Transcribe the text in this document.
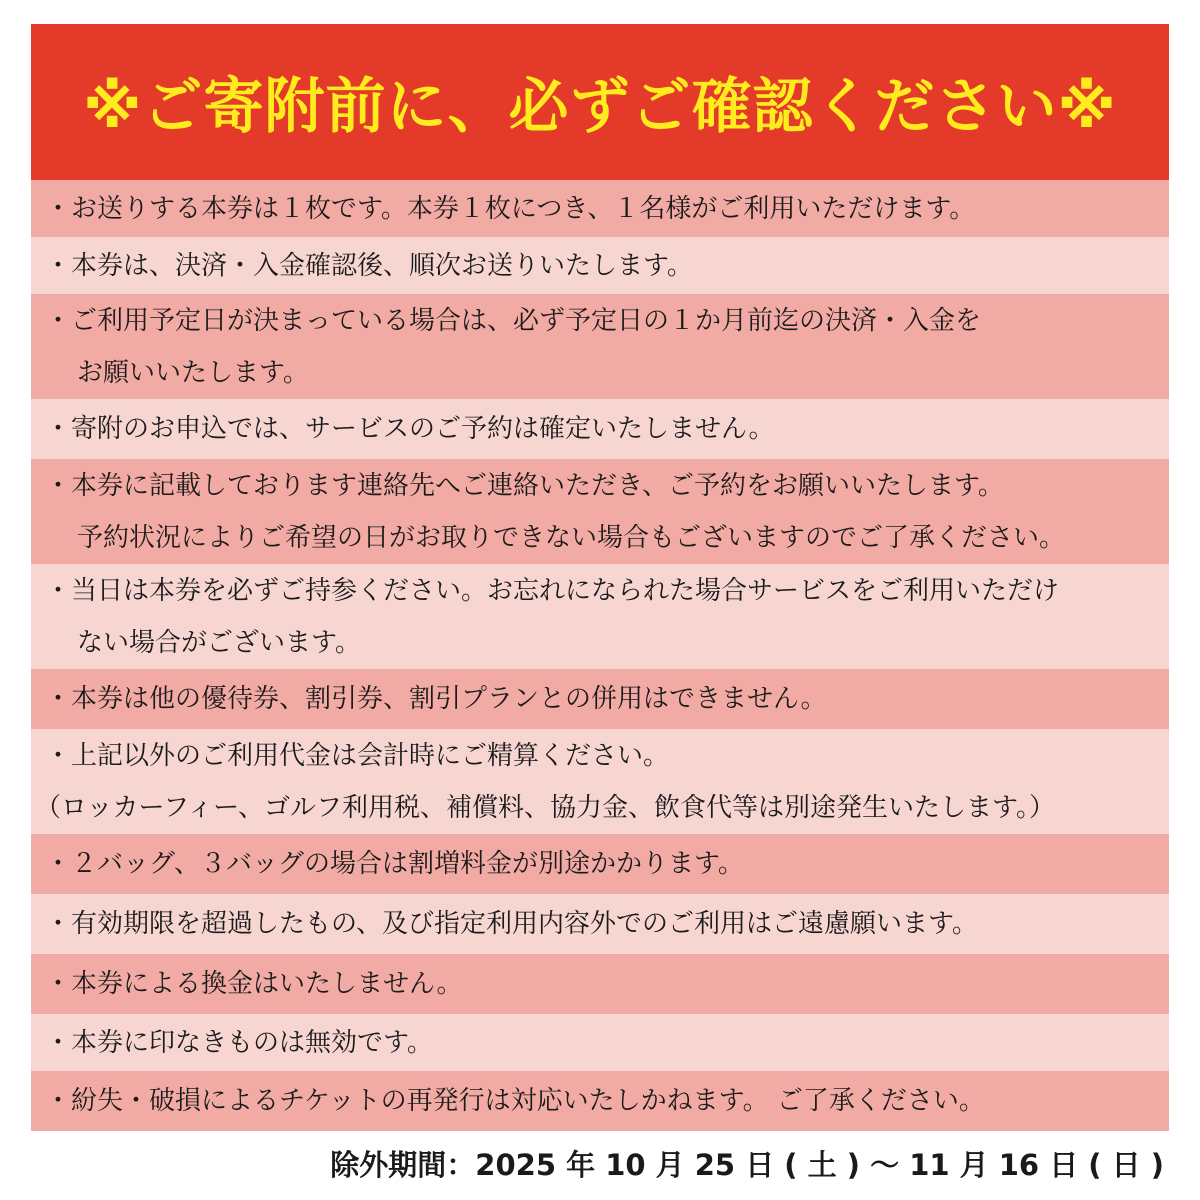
※ご寄附前に、必ずご確認ください※
・お送りする本券は１枚です。本券１枚につき、１名様がご利用いただけます。
・本券は、決済・入金確認後、順次お送りいたします。
・ご利用予定日が決まっている場合は、必ず予定日の１か月前迄の決済・入金を
お願いいたします。
・寄附のお申込では、サービスのご予約は確定いたしません。
・本券に記載しております連絡先へご連絡いただき、ご予約をお願いいたします。
予約状況によりご希望の日がお取りできない場合もございますのでご了承ください。
・当日は本券を必ずご持参ください。お忘れになられた場合サービスをご利用いただけ
ない場合がございます。
・本券は他の優待券、割引券、割引プランとの併用はできません。
・上記以外のご利用代金は会計時にご精算ください。
（ロッカーフィー、ゴルフ利用税、補償料、協力金、飲食代等は別途発生いたします。）
・２バッグ、３バッグの場合は割増料金が別途かかります。
・有効期限を超過したもの、及び指定利用内容外でのご利用はご遠慮願います。
・本券による換金はいたしません。
・本券に印なきものは無効です。
・紛失・破損によるチケットの再発行は対応いたしかねます。 ご了承ください。
除外期間：2025 年 10 月 25 日 ( 土 ) 〜 11 月 16 日 ( 日 )
